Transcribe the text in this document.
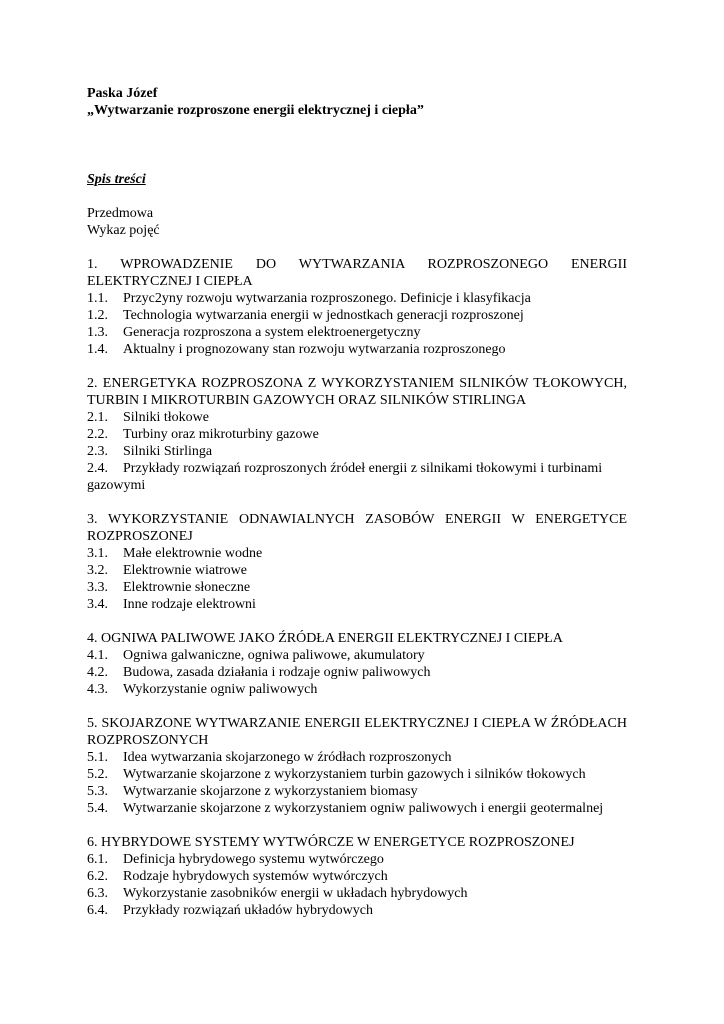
Paska Józef
„Wytwarzanie rozproszone energii elektrycznej i ciepła”
Spis treści
Przedmowa
Wykaz pojęć
1. WPROWADZENIE DO WYTWARZANIA ROZPROSZONEGO ENERGII ELEKTRYCZNEJ I CIEPŁA
1.1.	Przyc2yny rozwoju wytwarzania rozproszonego. Definicje i klasyfikacja
1.2.	Technologia wytwarzania energii w jednostkach generacji rozproszonej
1.3.	Generacja rozproszona a system elektroenergetyczny
1.4.	Aktualny i prognozowany stan rozwoju wytwarzania rozproszonego
2. ENERGETYKA ROZPROSZONA Z WYKORZYSTANIEM SILNIKÓW TŁOKOWYCH, TURBIN I MIKROTURBIN GAZOWYCH ORAZ SILNIKÓW STIRLINGA
2.1.	Silniki tłokowe
2.2.	Turbiny oraz mikroturbiny gazowe
2.3.	Silniki Stirlinga
2.4. Przykłady rozwiązań rozproszonych źródeł energii z silnikami tłokowymi i turbinami gazowymi
3. WYKORZYSTANIE ODNAWIALNYCH ZASOBÓW ENERGII W ENERGETYCE ROZPROSZONEJ
3.1.	Małe elektrownie wodne
3.2.	Elektrownie wiatrowe
3.3.	Elektrownie słoneczne
3.4.	Inne rodzaje elektrowni
4. OGNIWA PALIWOWE JAKO ŹRÓDŁA ENERGII ELEKTRYCZNEJ I CIEPŁA
4.1.	Ogniwa galwaniczne, ogniwa paliwowe, akumulatory
4.2.	Budowa, zasada działania i rodzaje ogniw paliwowych
4.3.	Wykorzystanie ogniw paliwowych
5. SKOJARZONE WYTWARZANIE ENERGII ELEKTRYCZNEJ I CIEPŁA W ŹRÓDŁACH ROZPROSZONYCH
5.1.	Idea wytwarzania skojarzonego w źródłach rozproszonych
5.2.	Wytwarzanie skojarzone z wykorzystaniem turbin gazowych i silników tłokowych
5.3.	Wytwarzanie skojarzone z wykorzystaniem biomasy
5.4.	Wytwarzanie skojarzone z wykorzystaniem ogniw paliwowych i energii geotermalnej
6. HYBRYDOWE SYSTEMY WYTWÓRCZE W ENERGETYCE ROZPROSZONEJ
6.1.	Definicja hybrydowego systemu wytwórczego
6.2.	Rodzaje hybrydowych systemów wytwórczych
6.3.	Wykorzystanie zasobników energii w układach hybrydowych
6.4.	Przykłady rozwiązań układów hybrydowych
